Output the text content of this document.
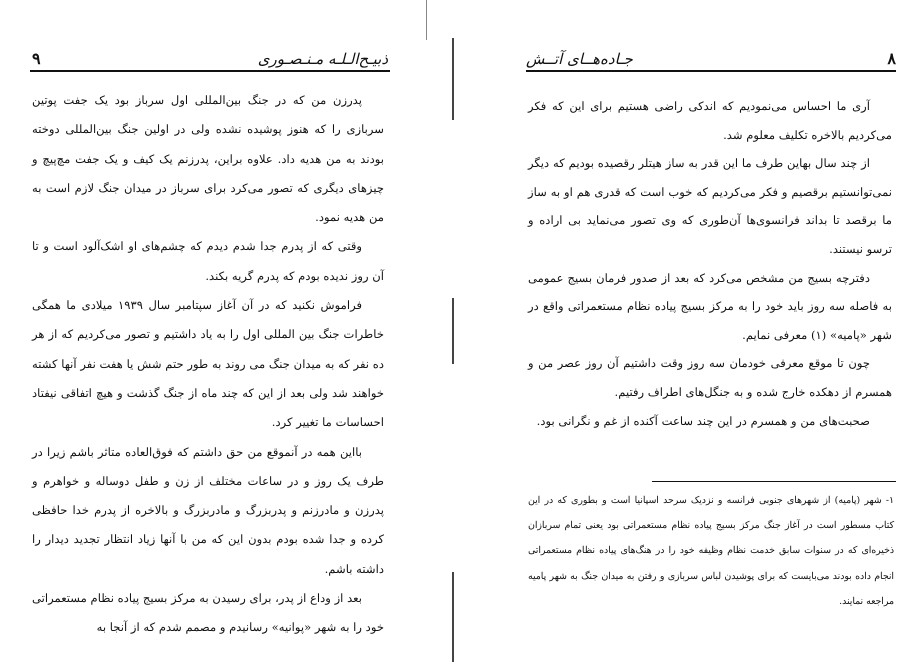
ذبیـح‌الـلـه مـنـصـوری
۹

پدرزن من که در جنگ بین‌المللی اول سرباز بود یک جفت پوتین سربازی را که هنوز پوشیده نشده ولی در اولین جنگ بین‌المللی دوخته بودند به من هدیه داد. علاوه براین، پدرزنم یک کیف و یک جفت مچ‌پیچ و چیزهای دیگری که تصور می‌کرد برای سرباز در میدان جنگ لازم است به من هدیه نمود.

وقتی که از پدرم جدا شدم دیدم که چشم‌های او اشک‌آلود است و تا آن روز ندیده بودم که پدرم گریه بکند.

فراموش نکنید که در آن آغاز سپتامبر سال ۱۹۳۹ میلادی ما همگی خاطرات جنگ بین المللی اول را به یاد داشتیم و تصور می‌کردیم که از هر ده نفر که به میدان جنگ می روند به طور حتم شش یا هفت نفر آنها کشته خواهند شد ولی بعد از این که چند ماه از جنگ گذشت و هیچ اتفاقی نیفتاد احساسات ما تغییر کرد.

بااین همه در آنموقع من حق داشتم که فوق‌العاده متاثر باشم زیرا در طرف یک روز و در ساعات مختلف از زن و طفل دوساله و خواهرم و پدرزن و مادرزنم و پدربزرگ و مادربزرگ و بالاخره از پدرم خدا حافظی کرده و جدا شده بودم بدون این که من با آنها زیاد انتظار تجدید دیدار را داشته باشم.

بعد از وداع از پدر، برای رسیدن به مرکز بسیج پیاده نظام مستعمراتی خود را به شهر «پوانیه» رسانیدم و مصمم شدم که از آنجا به

۸
جـاده‌هــای آتــش

آری ما احساس می‌نمودیم که اندکی راضی هستیم برای این که فکر می‌کردیم بالاخره تکلیف معلوم شد.

از چند سال بهاین طرف ما این قدر به ساز هیتلر رقصیده بودیم که دیگر نمی‌توانستیم برقصیم و فکر می‌کردیم که خوب است که قدری هم او به ساز ما برقصد تا بداند فرانسوی‌ها آن‌طوری که وی تصور می‌نماید بی اراده و ترسو نیستند.

دفترچه بسیج من مشخص می‌کرد که بعد از صدور فرمان بسیج عمومی به فاصله سه روز باید خود را به مرکز بسیج پیاده نظام مستعمراتی واقع در شهر «پامیه» (۱) معرفی نمایم.

چون تا موقع معرفی خودمان سه روز وقت داشتیم آن روز عصر من و همسرم از دهکده خارج شده و به جنگل‌های اطراف رفتیم.

صحبت‌های من و همسرم در این چند ساعت آکنده از غم و نگرانی بود.

۱- شهر (پامیه) از شهرهای جنوبی فرانسه و نزدیک سرحد اسپانیا است و بطوری که در این کتاب مسطور است در آغاز جنگ مرکز بسیج پیاده نظام مستعمراتی بود یعنی تمام سربازان ذخیره‌ای که در سنوات سابق خدمت نظام وظیفه خود را در هنگ‌های پیاده نظام مستعمراتی انجام داده بودند می‌بایست که برای پوشیدن لباس سربازی و رفتن به میدان جنگ به شهر پامیه مراجعه نمایند.
